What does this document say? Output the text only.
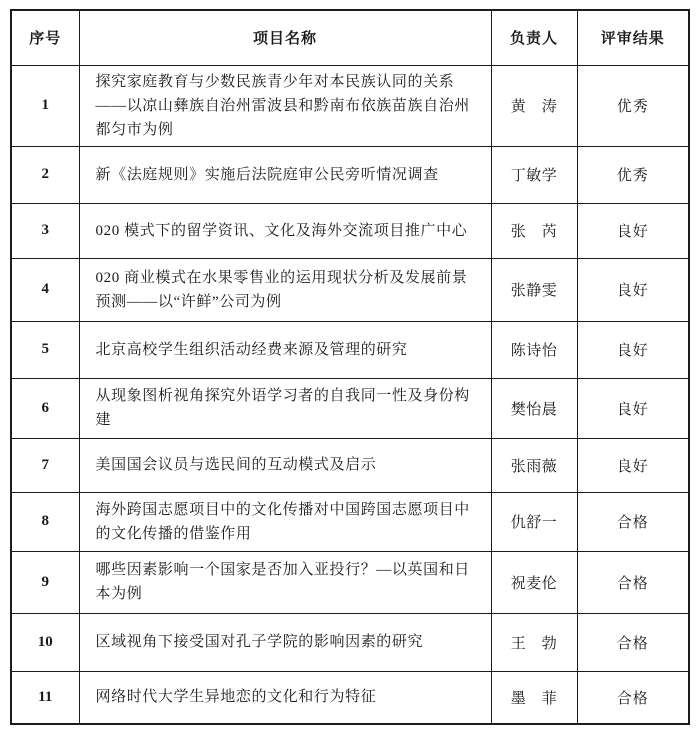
序号	项目名称	负责人	评审结果
1	探究家庭教育与少数民族青少年对本民族认同的关系——以凉山彝族自治州雷波县和黔南布依族苗族自治州都匀市为例	黄　涛	优秀
2	新《法庭规则》实施后法院庭审公民旁听情况调查	丁敏学	优秀
3	020 模式下的留学资讯、文化及海外交流项目推广中心	张　芮	良好
4	020 商业模式在水果零售业的运用现状分析及发展前景预测——以“许鲜”公司为例	张静雯	良好
5	北京高校学生组织活动经费来源及管理的研究	陈诗怡	良好
6	从现象图析视角探究外语学习者的自我同一性及身份构建	樊怡晨	良好
7	美国国会议员与选民间的互动模式及启示	张雨薇	良好
8	海外跨国志愿项目中的文化传播对中国跨国志愿项目中的文化传播的借鉴作用	仇舒一	合格
9	哪些因素影响一个国家是否加入亚投行？—以英国和日本为例	祝麦伦	合格
10	区域视角下接受国对孔子学院的影响因素的研究	王　勃	合格
11	网络时代大学生异地恋的文化和行为特征	墨　菲	合格
